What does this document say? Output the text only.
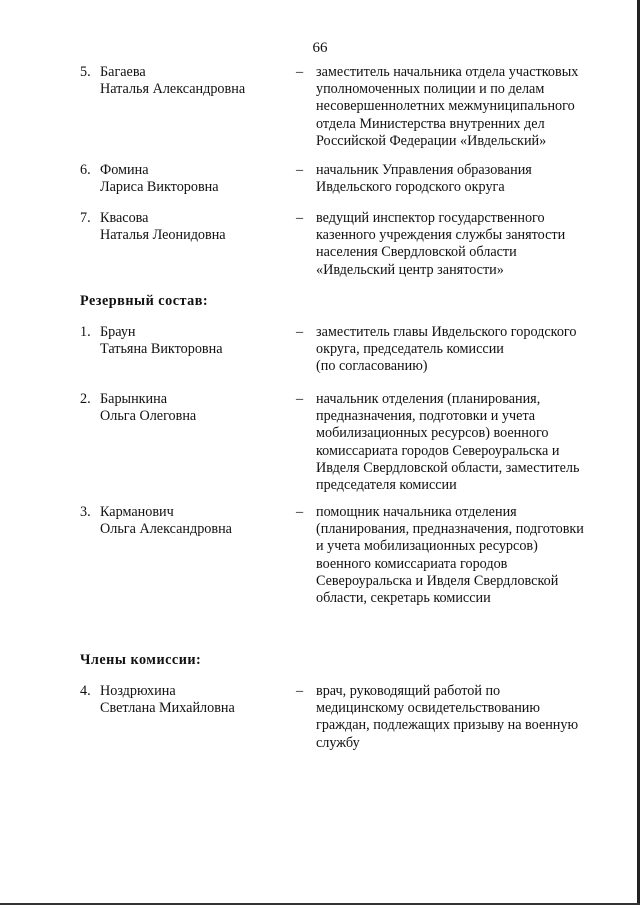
66
5. Багаева
Наталья Александровна
– заместитель начальника отдела участковых
уполномоченных полиции и по делам
несовершеннолетних межмуниципального
отдела Министерства внутренних дел
Российской Федерации «Ивдельский»
6. Фомина
Лариса Викторовна
– начальник Управления образования
Ивдельского городского округа
7. Квасова
Наталья Леонидовна
– ведущий инспектор государственного
казенного учреждения службы занятости
населения Свердловской области
«Ивдельский центр занятости»
Резервный состав:
1. Браун
Татьяна Викторовна
– заместитель главы Ивдельского городского
округа, председатель комиссии
(по согласованию)
2. Барынкина
Ольга Олеговна
– начальник отделения (планирования,
предназначения, подготовки и учета
мобилизационных ресурсов) военного
комиссариата городов Североуральска и
Ивделя Свердловской области, заместитель
председателя комиссии
3. Карманович
Ольга Александровна
– помощник начальника отделения
(планирования, предназначения, подготовки
и учета мобилизационных ресурсов)
военного комиссариата городов
Североуральска и Ивделя Свердловской
области, секретарь комиссии
Члены комиссии:
4. Ноздрюхина
Светлана Михайловна
– врач, руководящий работой по
медицинскому освидетельствованию
граждан, подлежащих призыву на военную
службу
